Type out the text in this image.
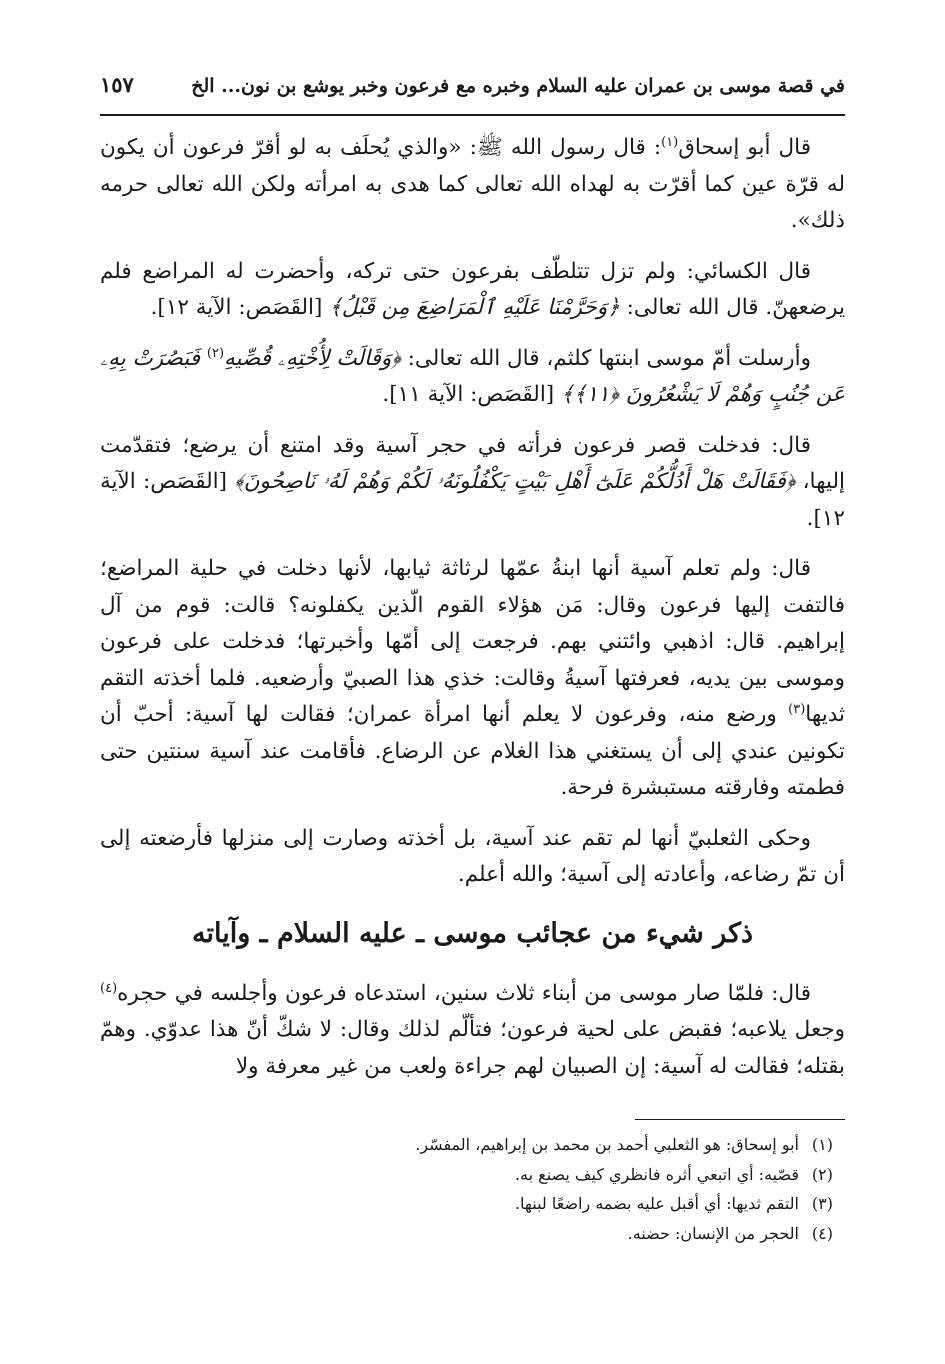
في قصة موسى بن عمران عليه السلام وخبره مع فرعون وخبر يوشع بن نون... الخ
١٥٧

قال أبو إسحاق$^{(١)}$: قال رسول الله ﷺ: «والذي يُحلَف به لو أقرّ فرعون أن يكون له قرّة عين كما أقرّت به لهداه الله تعالى كما هدى به امرأته ولكن الله تعالى حرمه ذلك».

قال الكسائي: ولم تزل تتلطّف بفرعون حتى تركه، وأحضرت له المراضع فلم يرضعهنّ. قال الله تعالى: ﴿وَحَرَّمْنَا عَلَيْهِ ٱلْمَرَاضِعَ مِن قَبْلُ﴾ [القَصَص: الآية ١٢].

وأرسلت أمّ موسى ابنتها كلثم، قال الله تعالى: ﴿وَقَالَتْ لِأُخْتِهِۦ قُصِّيهِ$^{(٢)}$ فَبَصُرَتْ بِهِۦ عَن جُنُبٍ وَهُمْ لَا يَشْعُرُونَ ﴿١١﴾﴾ [القَصَص: الآية ١١].

قال: فدخلت قصر فرعون فرأته في حجر آسية وقد امتنع أن يرضع؛ فتقدّمت إليها، ﴿فَقَالَتْ هَلْ أَدُلُّكُمْ عَلَىٰٓ أَهْلِ بَيْتٍ يَكْفُلُونَهُۥ لَكُمْ وَهُمْ لَهُۥ نَاصِحُونَ﴾ [القَصَص: الآية ١٢].

قال: ولم تعلم آسية أنها ابنةُ عمّها لرثاثة ثيابها، لأنها دخلت في حلية المراضع؛ فالتفت إليها فرعون وقال: مَن هؤلاء القوم الّذين يكفلونه؟ قالت: قوم من آل إبراهيم. قال: اذهبي وائتني بهم. فرجعت إلى أمّها وأخبرتها؛ فدخلت على فرعون وموسى بين يديه، فعرفتها آسيةُ وقالت: خذي هذا الصبيّ وأرضعيه. فلما أخذته التقم ثديها$^{(٣)}$ ورضع منه، وفرعون لا يعلم أنها امرأة عمران؛ فقالت لها آسية: أحبّ أن تكونين عندي إلى أن يستغني هذا الغلام عن الرضاع. فأقامت عند آسية سنتين حتى فطمته وفارقته مستبشرة فرحة.

وحكى الثعلبيّ أنها لم تقم عند آسية، بل أخذته وصارت إلى منزلها فأرضعته إلى أن تمّ رضاعه، وأعادته إلى آسية؛ والله أعلم.

ذكر شيء من عجائب موسى ـ عليه السلام ـ وآياته

قال: فلمّا صار موسى من أبناء ثلاث سنين، استدعاه فرعون وأجلسه في حجره$^{(٤)}$ وجعل يلاعبه؛ فقبض على لحية فرعون؛ فتألّم لذلك وقال: لا شكّ أنّ هذا عدوّي. وهمّ بقتله؛ فقالت له آسية: إن الصبيان لهم جراءة ولعب من غير معرفة ولا

(١)أبو إسحاق: هو الثعلبي أحمد بن محمد بن إبراهيم، المفسّر.

(٢)قصّيه: أي اتبعي أثره فانظري كيف يصنع به.

(٣)التقم ثديها: أي أقبل عليه بضمه راضعًا لبنها.

(٤)الحجر من الإنسان: حضنه.
